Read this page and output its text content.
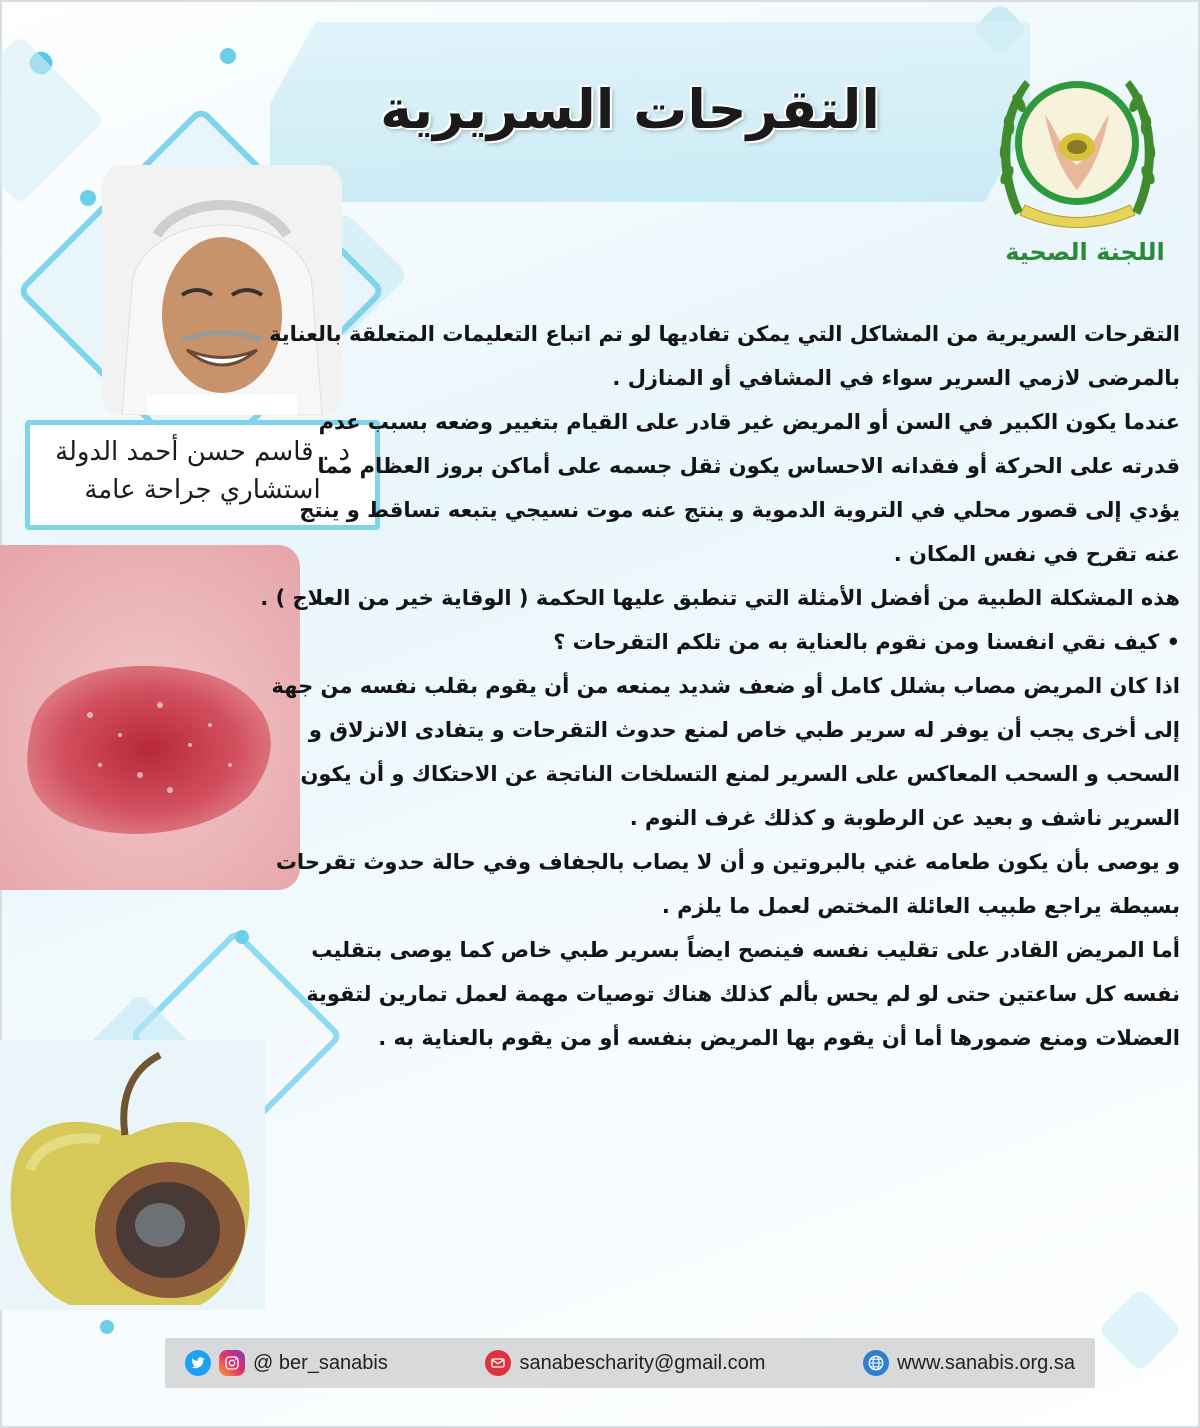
التقرحات السريرية
اللجنة الصحية
د . قاسم حسن أحمد الدولة
استشاري جراحة عامة

التقرحات السريرية من المشاكل التي يمكن تفاديها لو تم اتباع التعليمات المتعلقة بالعناية بالمرضى لازمي السرير سواء في المشافي أو المنازل .

عندما يكون الكبير في السن أو المريض غير قادر على القيام بتغيير وضعه بسبب عدم قدرته على الحركة أو فقدانه الاحساس يكون ثقل جسمه على أماكن بروز العظام مما يؤدي إلى قصور محلي في التروية الدموية و ينتج عنه موت نسيجي يتبعه تساقط و ينتج عنه تقرح في نفس المكان .

هذه المشكلة الطبية من أفضل الأمثلة التي تنطبق عليها الحكمة ( الوقاية خير من العلاج ) .

• كيف نقي انفسنا ومن نقوم بالعناية به من تلكم التقرحات ؟

اذا كان المريض مصاب بشلل كامل أو ضعف شديد يمنعه من أن يقوم بقلب نفسه من جهة إلى أخرى يجب أن يوفر له سرير طبي خاص لمنع حدوث التقرحات و يتفادى الانزلاق و السحب و السحب المعاكس على السرير لمنع التسلخات الناتجة عن الاحتكاك و أن يكون السرير ناشف و بعيد عن الرطوبة و كذلك غرف النوم .

و يوصى بأن يكون طعامه غني بالبروتين و أن لا يصاب بالجفاف وفي حالة حدوث تقرحات بسيطة يراجع طبيب العائلة المختص لعمل ما يلزم .

أما المريض القادر على تقليب نفسه فينصح ايضاً بسرير طبي خاص كما يوصى بتقليب نفسه كل ساعتين حتى لو لم يحس بألم كذلك هناك توصيات مهمة لعمل تمارين لتقوية العضلات ومنع ضمورها أما أن يقوم بها المريض بنفسه أو من يقوم بالعناية به .

@ ber_sanabis	sanabescharity@gmail.com	www.sanabis.org.sa
